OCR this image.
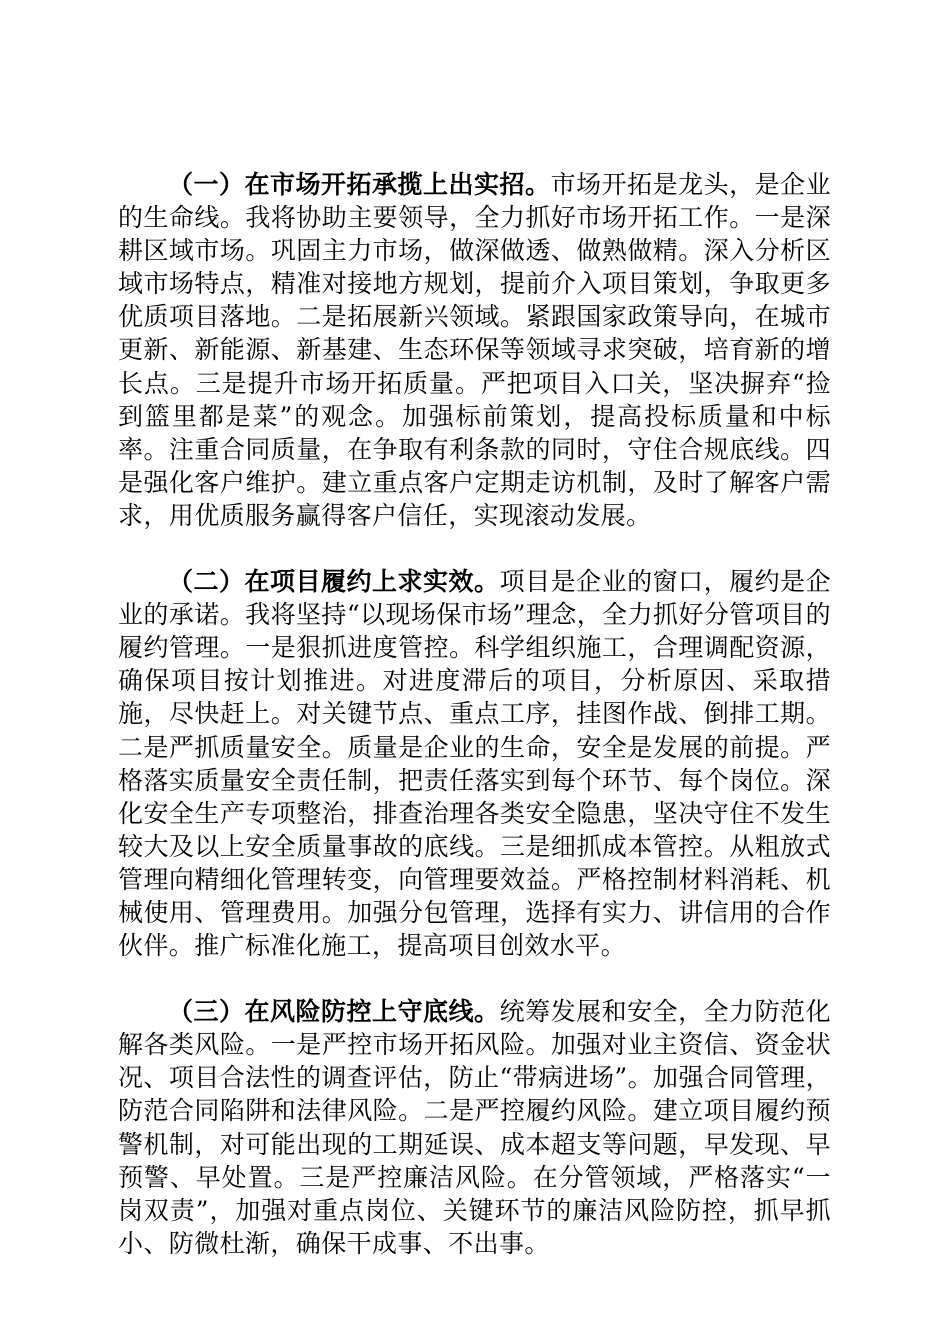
（一）在市场开拓承揽上出实招。市场开拓是龙头，是企业的生命线。我将协助主要领导，全力抓好市场开拓工作。一是深耕区域市场。巩固主力市场，做深做透、做熟做精。深入分析区域市场特点，精准对接地方规划，提前介入项目策划，争取更多优质项目落地。二是拓展新兴领域。紧跟国家政策导向，在城市更新、新能源、新基建、生态环保等领域寻求突破，培育新的增长点。三是提升市场开拓质量。严把项目入口关，坚决摒弃“捡到篮里都是菜”的观念。加强标前策划，提高投标质量和中标率。注重合同质量，在争取有利条款的同时，守住合规底线。四是强化客户维护。建立重点客户定期走访机制，及时了解客户需求，用优质服务赢得客户信任，实现滚动发展。

（二）在项目履约上求实效。项目是企业的窗口，履约是企业的承诺。我将坚持“以现场保市场”理念，全力抓好分管项目的履约管理。一是狠抓进度管控。科学组织施工，合理调配资源，确保项目按计划推进。对进度滞后的项目，分析原因、采取措施，尽快赶上。对关键节点、重点工序，挂图作战、倒排工期。二是严抓质量安全。质量是企业的生命，安全是发展的前提。严格落实质量安全责任制，把责任落实到每个环节、每个岗位。深化安全生产专项整治，排查治理各类安全隐患，坚决守住不发生较大及以上安全质量事故的底线。三是细抓成本管控。从粗放式管理向精细化管理转变，向管理要效益。严格控制材料消耗、机械使用、管理费用。加强分包管理，选择有实力、讲信用的合作伙伴。推广标准化施工，提高项目创效水平。

（三）在风险防控上守底线。统筹发展和安全，全力防范化解各类风险。一是严控市场开拓风险。加强对业主资信、资金状况、项目合法性的调查评估，防止“带病进场”。加强合同管理，防范合同陷阱和法律风险。二是严控履约风险。建立项目履约预警机制，对可能出现的工期延误、成本超支等问题，早发现、早预警、早处置。三是严控廉洁风险。在分管领域，严格落实“一岗双责”，加强对重点岗位、关键环节的廉洁风险防控，抓早抓小、防微杜渐，确保干成事、不出事。
